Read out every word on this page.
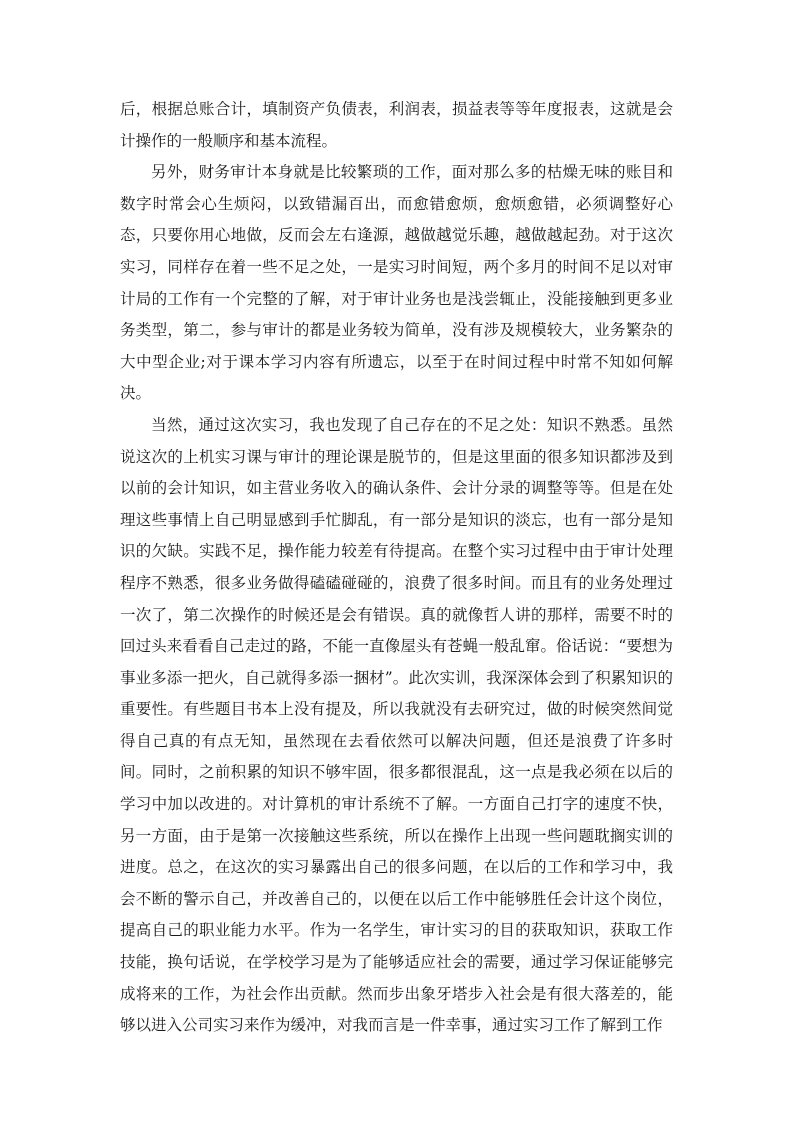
后，根据总账合计，填制资产负债表，利润表，损益表等等年度报表，这就是会计操作的一般顺序和基本流程。

另外，财务审计本身就是比较繁琐的工作，面对那么多的枯燥无味的账目和数字时常会心生烦闷，以致错漏百出，而愈错愈烦，愈烦愈错，必须调整好心态，只要你用心地做，反而会左右逢源，越做越觉乐趣，越做越起劲。对于这次实习，同样存在着一些不足之处，一是实习时间短，两个多月的时间不足以对审计局的工作有一个完整的了解，对于审计业务也是浅尝辄止，没能接触到更多业务类型，第二，参与审计的都是业务较为简单，没有涉及规模较大，业务繁杂的大中型企业;对于课本学习内容有所遗忘，以至于在时间过程中时常不知如何解决。

当然，通过这次实习，我也发现了自己存在的不足之处：知识不熟悉。虽然说这次的上机实习课与审计的理论课是脱节的，但是这里面的很多知识都涉及到以前的会计知识，如主营业务收入的确认条件、会计分录的调整等等。但是在处理这些事情上自己明显感到手忙脚乱，有一部分是知识的淡忘，也有一部分是知识的欠缺。实践不足，操作能力较差有待提高。在整个实习过程中由于审计处理程序不熟悉，很多业务做得磕磕碰碰的，浪费了很多时间。而且有的业务处理过一次了，第二次操作的时候还是会有错误。真的就像哲人讲的那样，需要不时的回过头来看看自己走过的路，不能一直像屋头有苍蝇一般乱窜。俗话说：“要想为事业多添一把火，自己就得多添一捆材”。此次实训，我深深体会到了积累知识的重要性。有些题目书本上没有提及，所以我就没有去研究过，做的时候突然间觉得自己真的有点无知，虽然现在去看依然可以解决问题，但还是浪费了许多时间。同时，之前积累的知识不够牢固，很多都很混乱，这一点是我必须在以后的学习中加以改进的。对计算机的审计系统不了解。一方面自己打字的速度不快，另一方面，由于是第一次接触这些系统，所以在操作上出现一些问题耽搁实训的进度。总之，在这次的实习暴露出自己的很多问题，在以后的工作和学习中，我会不断的警示自己，并改善自己的，以便在以后工作中能够胜任会计这个岗位，提高自己的职业能力水平。作为一名学生，审计实习的目的获取知识，获取工作技能，换句话说，在学校学习是为了能够适应社会的需要，通过学习保证能够完成将来的工作，为社会作出贡献。然而步出象牙塔步入社会是有很大落差的，能够以进入公司实习来作为缓冲，对我而言是一件幸事，通过实习工作了解到工作
